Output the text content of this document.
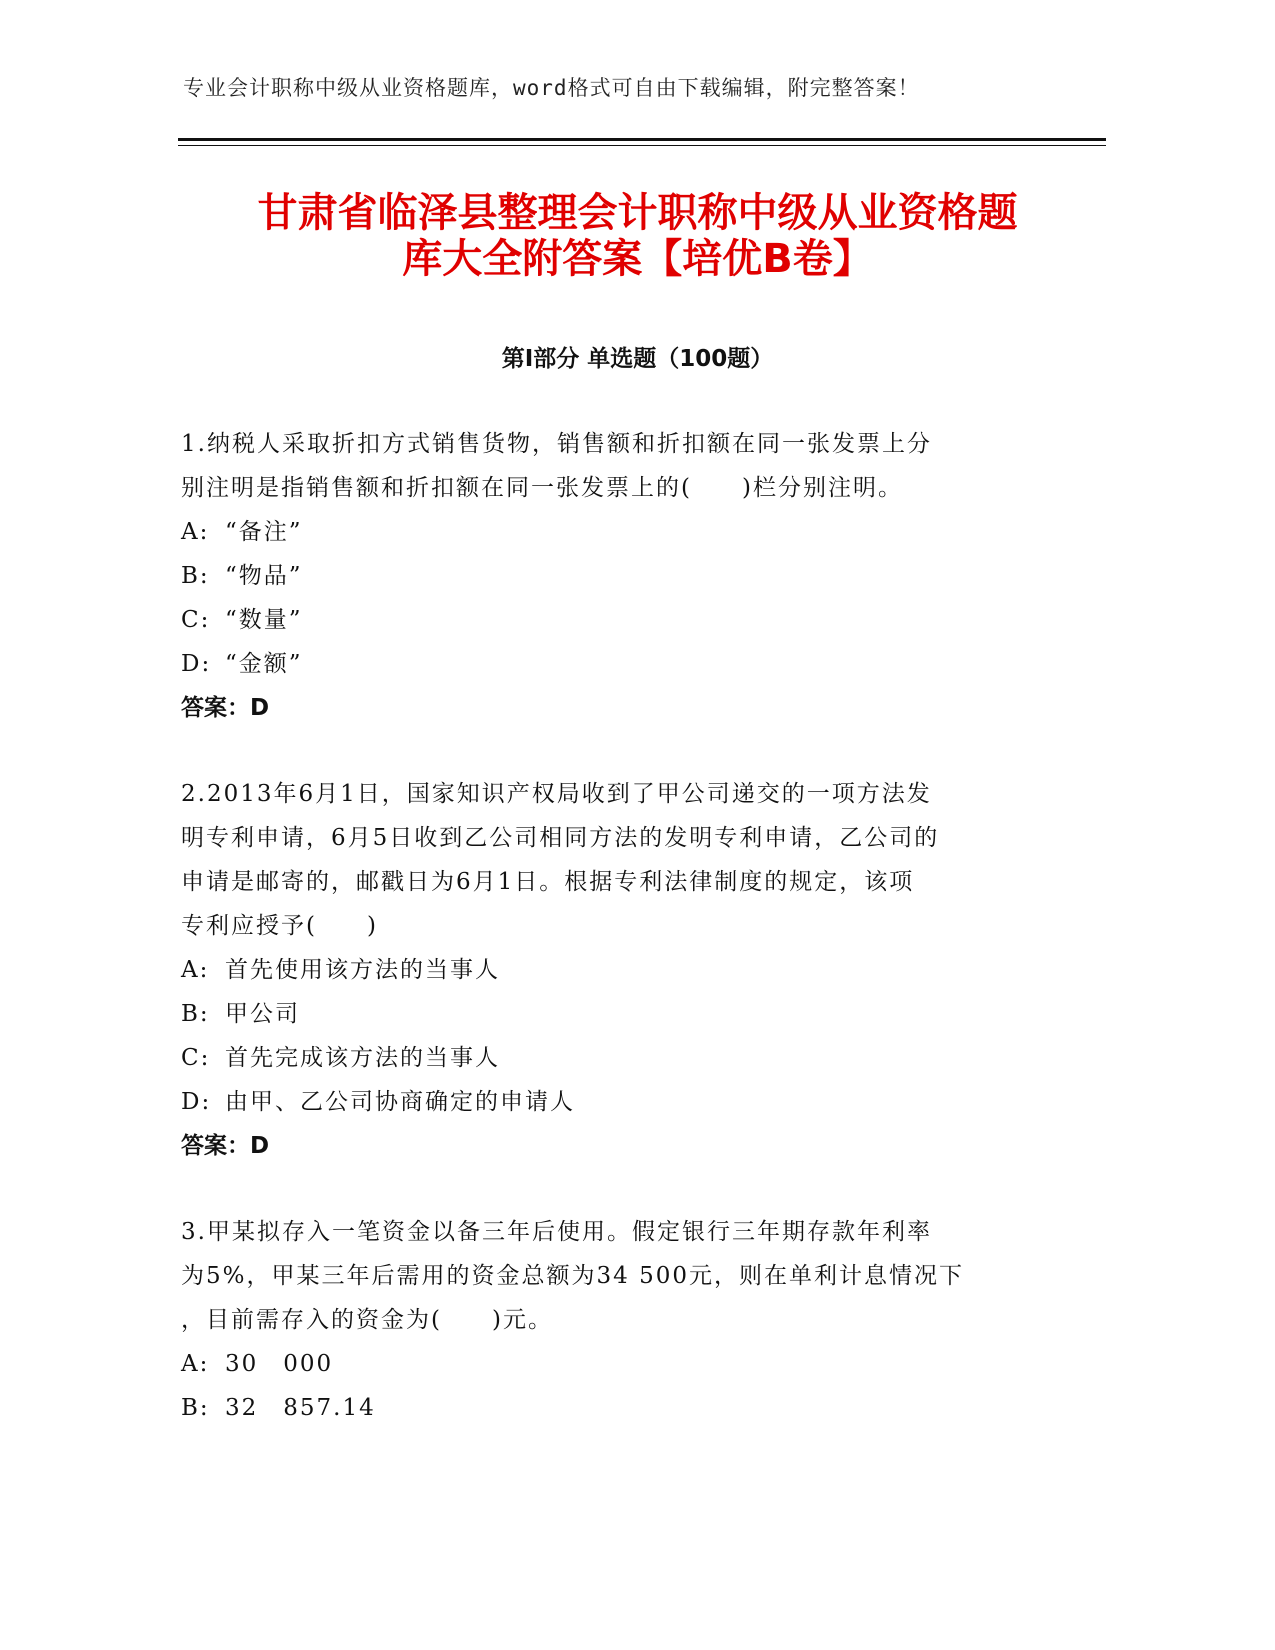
专业会计职称中级从业资格题库，word格式可自由下载编辑，附完整答案！
甘肃省临泽县整理会计职称中级从业资格题
库大全附答案【培优B卷】
第Ⅰ部分 单选题（100题）

1.纳税人采取折扣方式销售货物，销售额和折扣额在同一张发票上分

别注明是指销售额和折扣额在同一张发票上的(　　)栏分别注明。

A: “备注”

B: “物品”

C: “数量”

D: “金额”

答案：D

2.2013年6月1日，国家知识产权局收到了甲公司递交的一项方法发

明专利申请，6月5日收到乙公司相同方法的发明专利申请，乙公司的

申请是邮寄的，邮戳日为6月1日。根据专利法律制度的规定，该项

专利应授予(　　)

A: 首先使用该方法的当事人

B: 甲公司

C: 首先完成该方法的当事人

D: 由甲、乙公司协商确定的申请人

答案：D

3.甲某拟存入一笔资金以备三年后使用。假定银行三年期存款年利率

为5%，甲某三年后需用的资金总额为34 500元，则在单利计息情况下

，目前需存入的资金为(　　)元。

A: 30　000

B: 32　857.14
